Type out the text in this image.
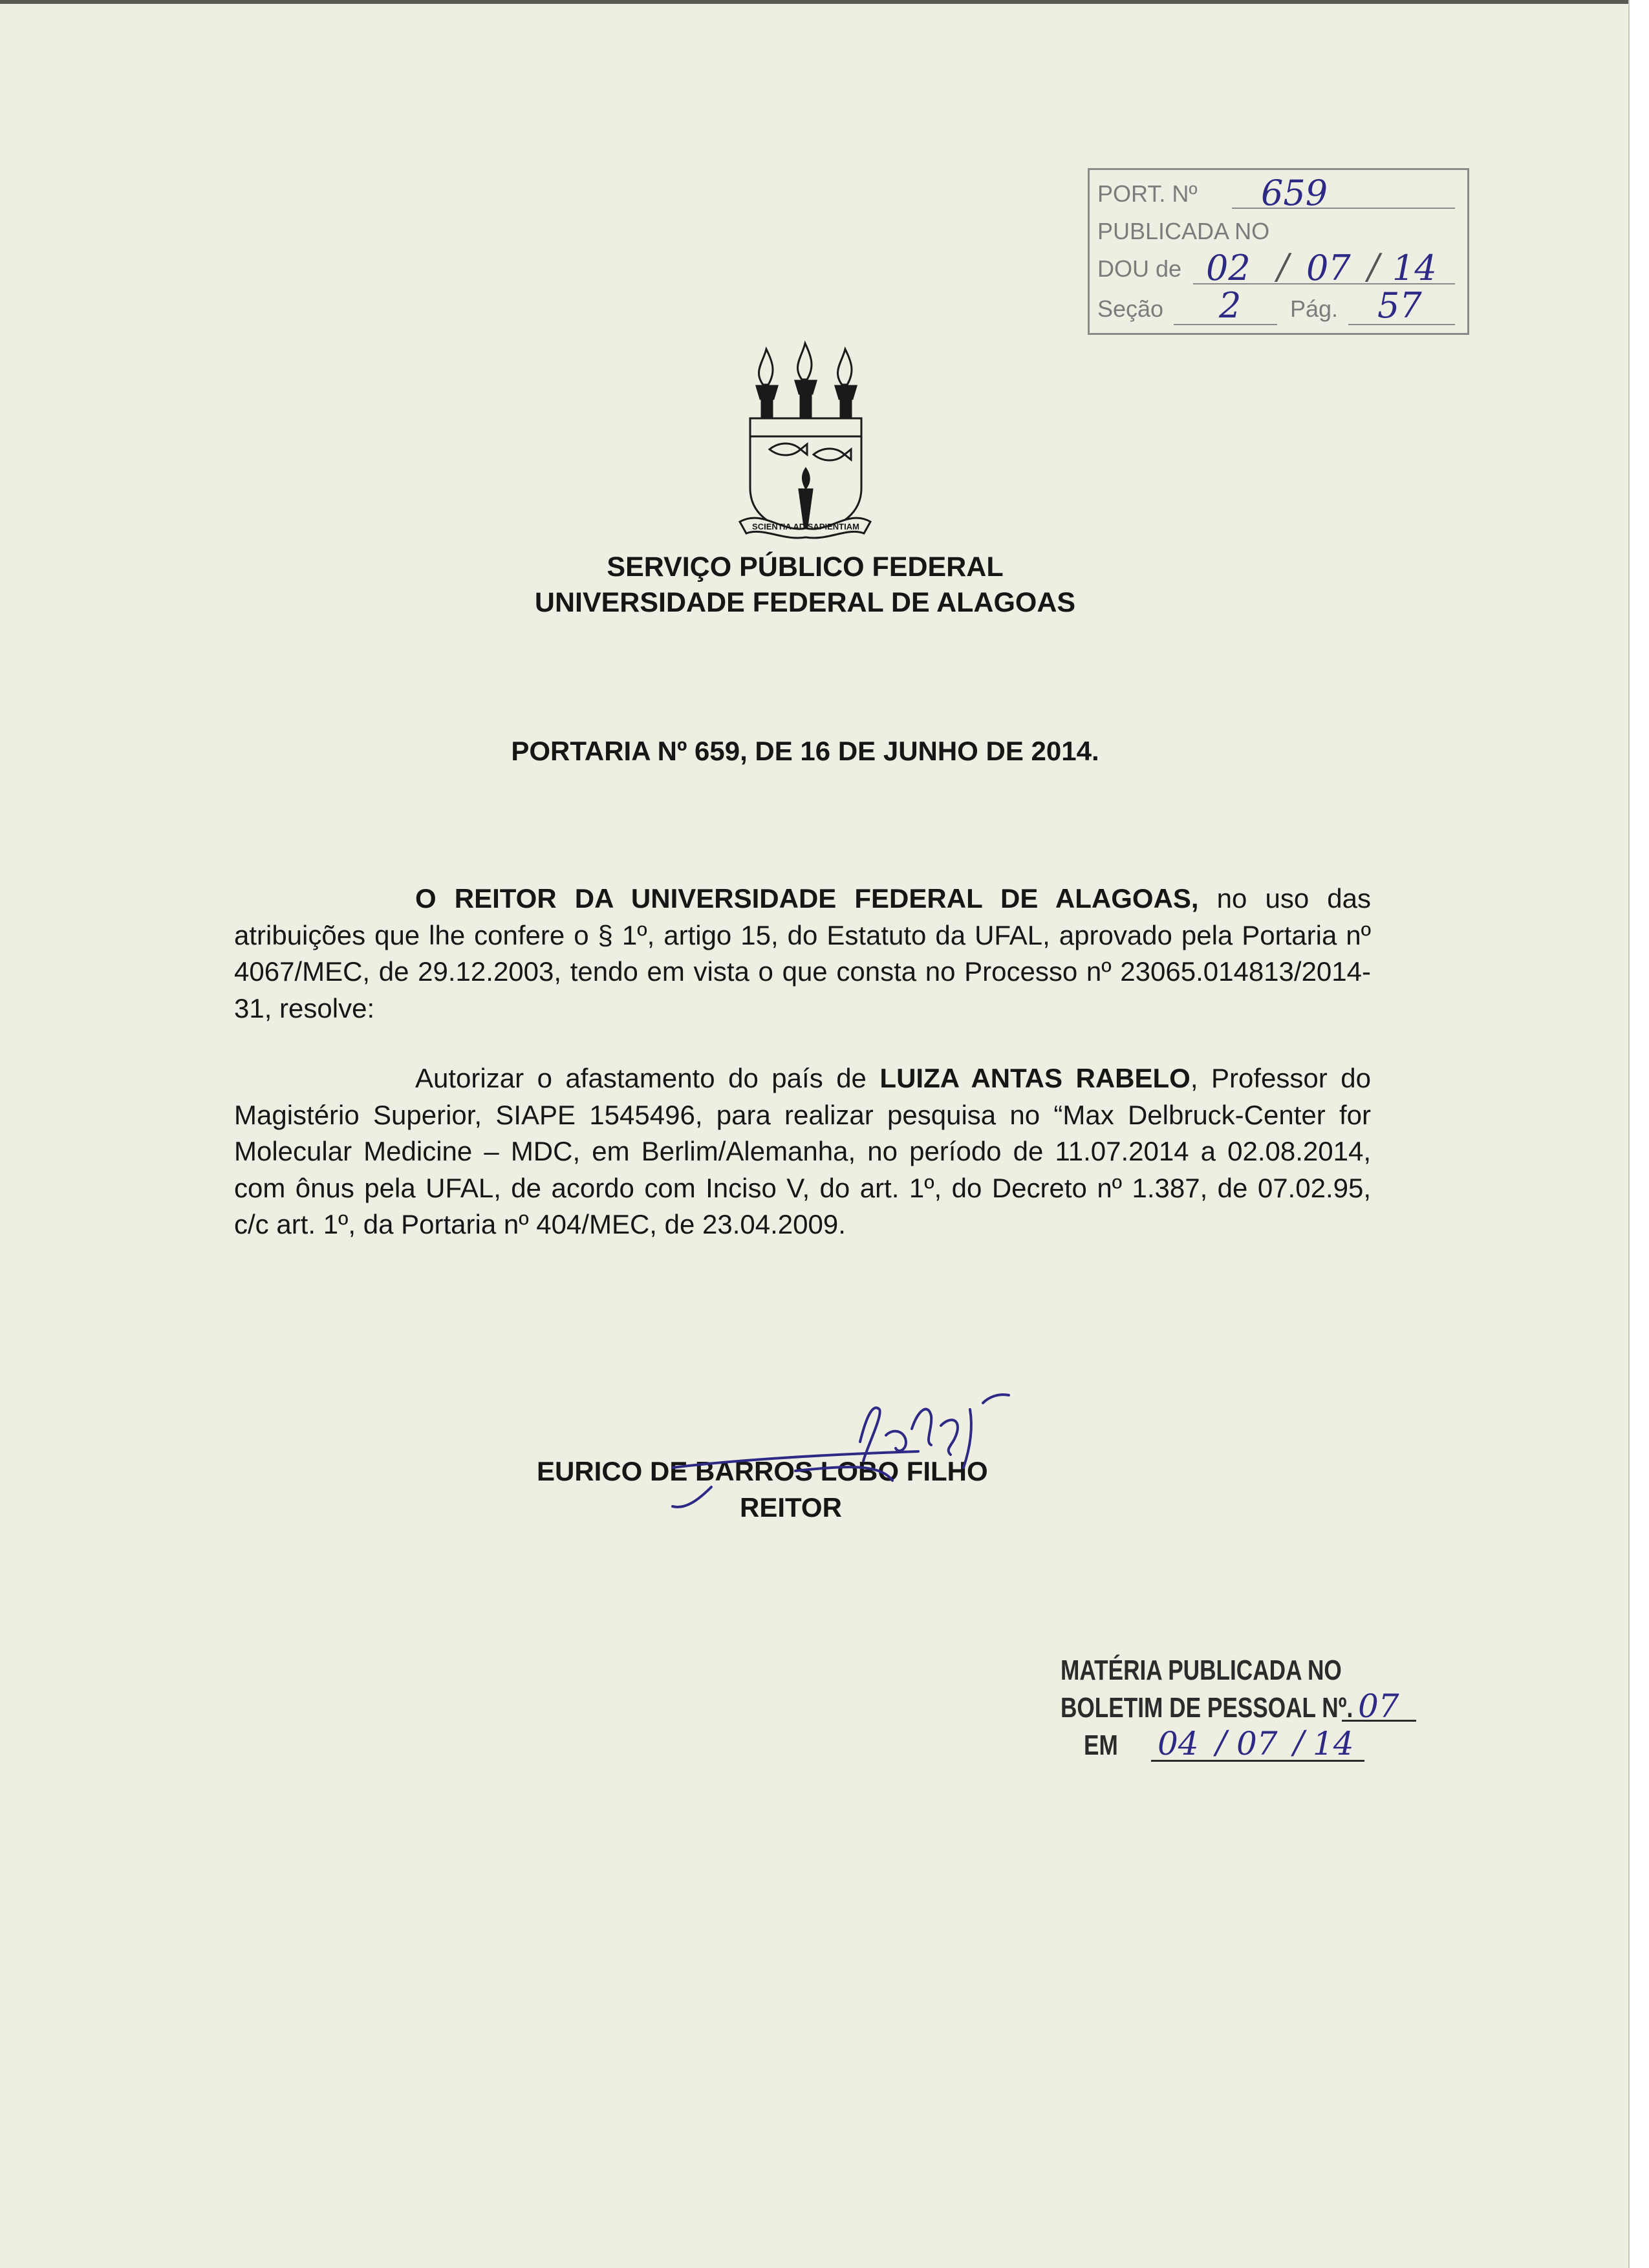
PORT. Nº 659
PUBLICADA NO
DOU de 02 / 07 / 14
Seção 2 Pág. 57
SCIENTIA AD SAPIENTIAM
SERVIÇO PÚBLICO FEDERAL
UNIVERSIDADE FEDERAL DE ALAGOAS
PORTARIA Nº 659, DE 16 DE JUNHO DE 2014.
O REITOR DA UNIVERSIDADE FEDERAL DE ALAGOAS, no uso das atribuições que lhe confere o § 1º, artigo 15, do Estatuto da UFAL, aprovado pela Portaria nº 4067/MEC, de 29.12.2003, tendo em vista o que consta no Processo nº 23065.014813/2014-31, resolve:
Autorizar o afastamento do país de LUIZA ANTAS RABELO, Professor do Magistério Superior, SIAPE 1545496, para realizar pesquisa no “Max Delbruck-Center for Molecular Medicine – MDC, em Berlim/Alemanha, no período de 11.07.2014 a 02.08.2014, com ônus pela UFAL, de acordo com Inciso V, do art. 1º, do Decreto nº 1.387, de 07.02.95, c/c art. 1º, da Portaria nº 404/MEC, de 23.04.2009.
EURICO DE BARROS LOBO FILHO
REITOR
MATÉRIA PUBLICADA NO
BOLETIM DE PESSOAL Nº.
EM
07
04 / 07 / 14
